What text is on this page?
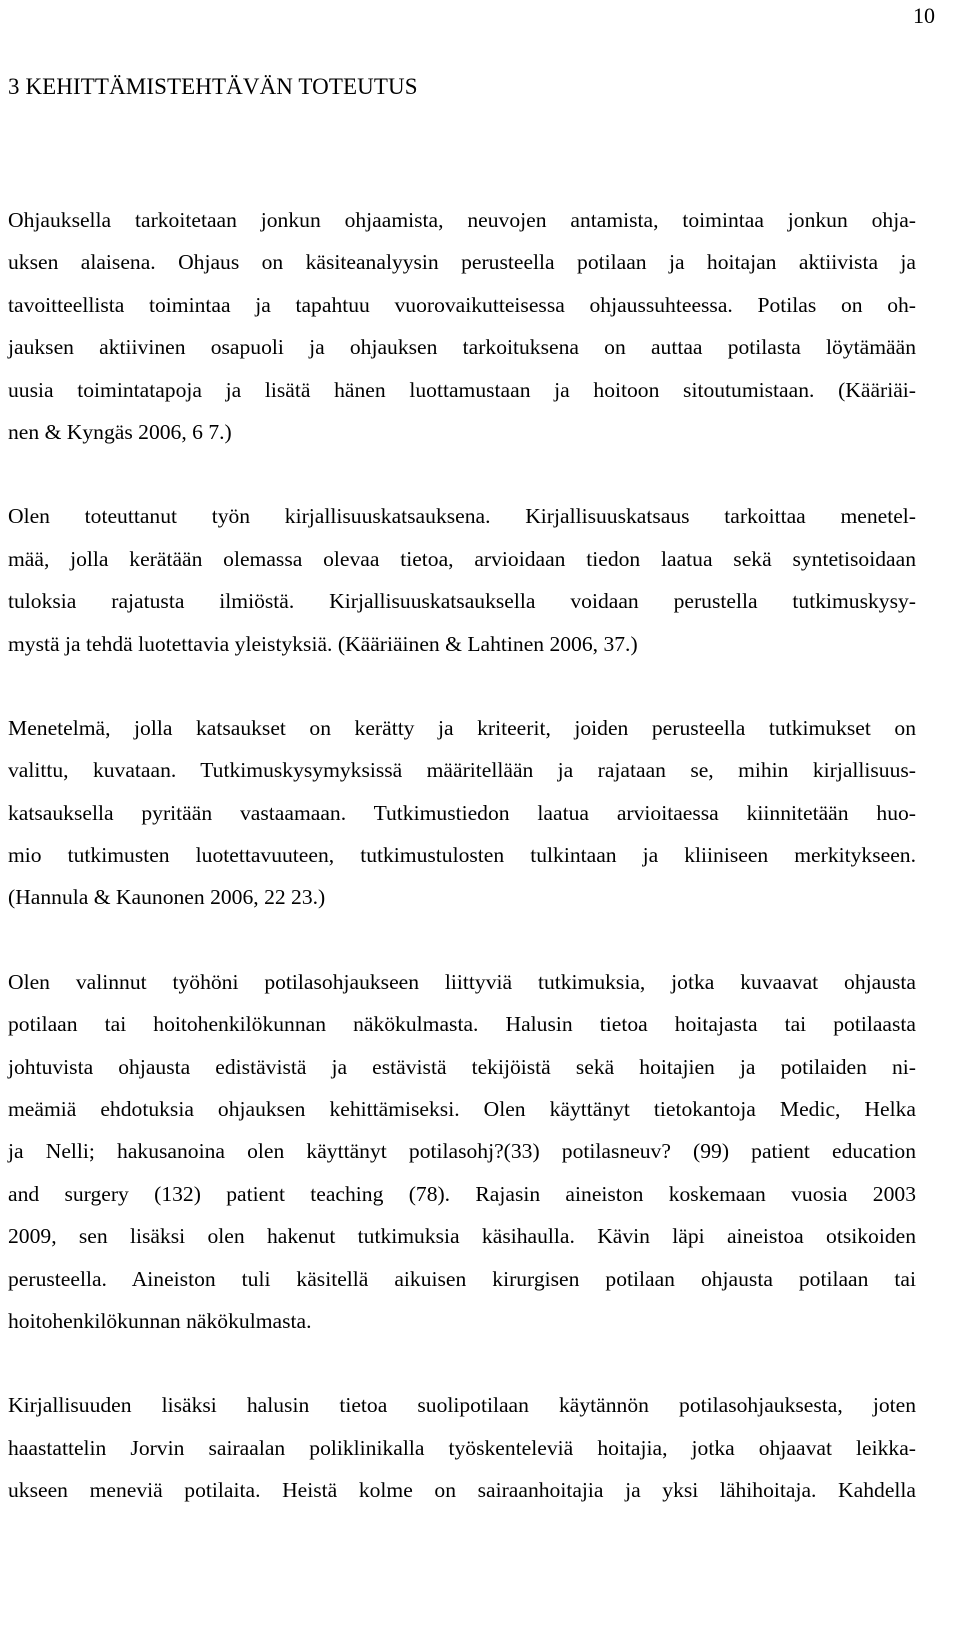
10
3 KEHITTÄMISTEHTÄVÄN TOTEUTUS
Ohjauksella tarkoitetaan jonkun ohjaamista, neuvojen antamista, toimintaa jonkun ohja-
uksen alaisena. Ohjaus on käsiteanalyysin perusteella potilaan ja hoitajan aktiivista ja
tavoitteellista toimintaa ja tapahtuu vuorovaikutteisessa ohjaussuhteessa. Potilas on oh-
jauksen aktiivinen osapuoli ja ohjauksen tarkoituksena on auttaa potilasta löytämään
uusia toimintatapoja ja lisätä hänen luottamustaan ja hoitoon sitoutumistaan. (Kääriäi-
nen & Kyngäs 2006, 6 7.)
Olen toteuttanut työn kirjallisuuskatsauksena. Kirjallisuuskatsaus tarkoittaa menetel-
mää, jolla kerätään olemassa olevaa tietoa, arvioidaan tiedon laatua sekä syntetisoidaan
tuloksia rajatusta ilmiöstä. Kirjallisuuskatsauksella voidaan perustella tutkimuskysy-
mystä ja tehdä luotettavia yleistyksiä. (Kääriäinen & Lahtinen 2006, 37.)
Menetelmä, jolla katsaukset on kerätty ja kriteerit, joiden perusteella tutkimukset on
valittu, kuvataan. Tutkimuskysymyksissä määritellään ja rajataan se, mihin kirjallisuus-
katsauksella pyritään vastaamaan. Tutkimustiedon laatua arvioitaessa kiinnitetään huo-
mio tutkimusten luotettavuuteen, tutkimustulosten tulkintaan ja kliiniseen merkitykseen.
(Hannula & Kaunonen 2006, 22 23.)
Olen valinnut työhöni potilasohjaukseen liittyviä tutkimuksia, jotka kuvaavat ohjausta
potilaan tai hoitohenkilökunnan näkökulmasta. Halusin tietoa hoitajasta tai potilaasta
johtuvista ohjausta edistävistä ja estävistä tekijöistä sekä hoitajien ja potilaiden ni-
meämiä ehdotuksia ohjauksen kehittämiseksi. Olen käyttänyt tietokantoja Medic, Helka
ja Nelli; hakusanoina olen käyttänyt potilasohj?(33) potilasneuv? (99) patient education
and surgery (132) patient teaching (78). Rajasin aineiston koskemaan vuosia 2003
2009, sen lisäksi olen hakenut tutkimuksia käsihaulla. Kävin läpi aineistoa otsikoiden
perusteella. Aineiston tuli käsitellä aikuisen kirurgisen potilaan ohjausta potilaan tai
hoitohenkilökunnan näkökulmasta.
Kirjallisuuden lisäksi halusin tietoa suolipotilaan käytännön potilasohjauksesta, joten
haastattelin Jorvin sairaalan poliklinikalla työskenteleviä hoitajia, jotka ohjaavat leikka-
ukseen meneviä potilaita. Heistä kolme on sairaanhoitajia ja yksi lähihoitaja. Kahdella
